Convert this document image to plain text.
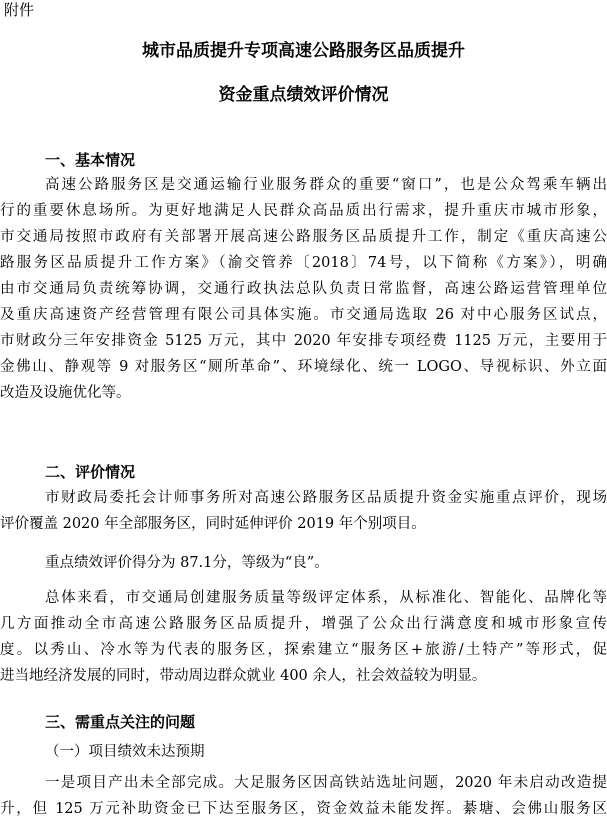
附件
城市品质提升专项高速公路服务区品质提升
资金重点绩效评价情况
一、基本情况
高速公路服务区是交通运输行业服务群众的重要“窗口”，也是公众驾乘车辆出
行的重要休息场所。为更好地满足人民群众高品质出行需求，提升重庆市城市形象，
市交通局按照市政府有关部署开展高速公路服务区品质提升工作，制定《重庆高速公
路服务区品质提升工作方案》（渝交管养〔2018〕74号，以下简称《方案》），明确
由市交通局负责统筹协调，交通行政执法总队负责日常监督，高速公路运营管理单位
及重庆高速资产经营管理有限公司具体实施。市交通局选取 26 对中心服务区试点，
市财政分三年安排资金 5125 万元，其中 2020 年安排专项经费 1125 万元，主要用于
金佛山、静观等 9 对服务区“厕所革命”、环境绿化、统一 LOGO、导视标识、外立面
改造及设施优化等。
二、评价情况
市财政局委托会计师事务所对高速公路服务区品质提升资金实施重点评价，现场
评价覆盖 2020 年全部服务区，同时延伸评价 2019 年个别项目。
重点绩效评价得分为 87.1分，等级为“良”。
总体来看，市交通局创建服务质量等级评定体系，从标准化、智能化、品牌化等
几方面推动全市高速公路服务区品质提升，增强了公众出行满意度和城市形象宣传
度。以秀山、冷水等为代表的服务区，探索建立“服务区+旅游/土特产”等形式，促
进当地经济发展的同时，带动周边群众就业 400 余人，社会效益较为明显。
三、需重点关注的问题
（一）项目绩效未达预期
一是项目产出未全部完成。大足服务区因高铁站选址问题，2020 年未启动改造提
升，但 125 万元补助资金已下达至服务区，资金效益未能发挥。綦塘、会佛山服务区
